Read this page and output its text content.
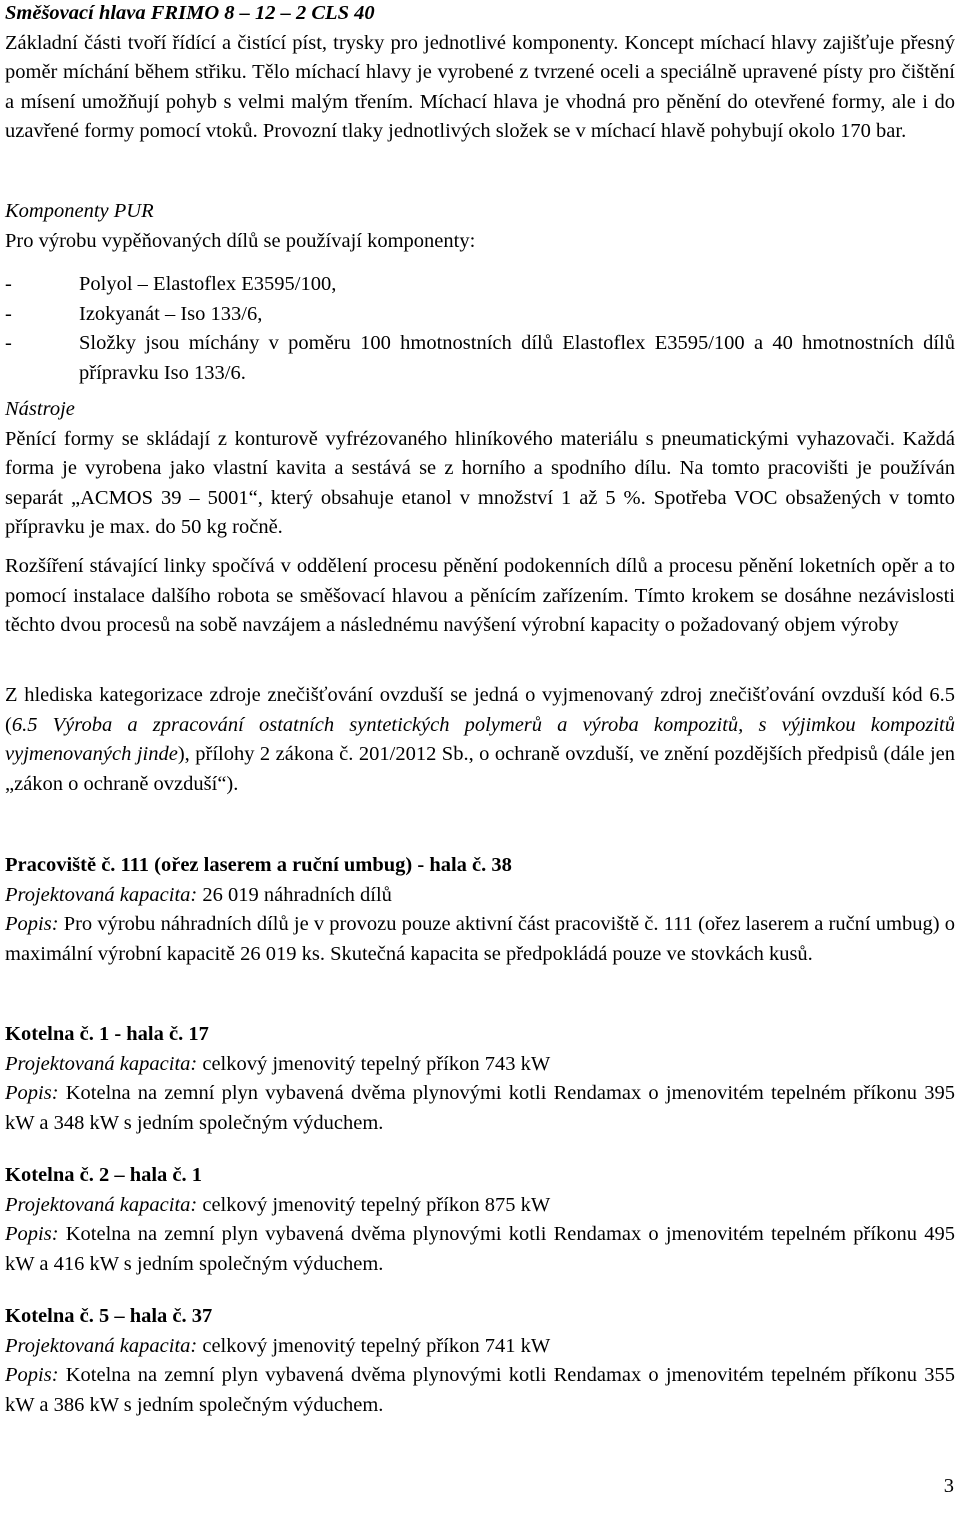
Směšovací hlava FRIMO 8 – 12 – 2 CLS 40

Základní části tvoří řídící a čistící píst, trysky pro jednotlivé komponenty. Koncept míchací hlavy zajišťuje přesný poměr míchání během střiku. Tělo míchací hlavy je vyrobené z tvrzené oceli a speciálně upravené písty pro čištění a mísení umožňují pohyb s velmi malým třením. Míchací hlava je vhodná pro pěnění do otevřené formy, ale i do uzavřené formy pomocí vtoků. Provozní tlaky jednotlivých složek se v míchací hlavě pohybují okolo 170 bar.

Komponenty PUR

Pro výrobu vypěňovaných dílů se používají komponenty:

-	Polyol – Elastoflex E3595/100,
-	Izokyanát – Iso 133/6,
-	Složky jsou míchány v poměru 100 hmotnostních dílů Elastoflex E3595/100 a 40 hmotnostních dílů přípravku Iso 133/6.

Nástroje

Pěnící formy se skládají z konturově vyfrézovaného hliníkového materiálu s pneumatickými vyhazovači. Každá forma je vyrobena jako vlastní kavita a sestává se z horního a spodního dílu. Na tomto pracovišti je používán separát „ACMOS 39 – 5001“, který obsahuje etanol v množství 1 až 5 %. Spotřeba VOC obsažených v tomto přípravku je max. do 50 kg ročně.

Rozšíření stávající linky spočívá v oddělení procesu pěnění podokenních dílů a procesu pěnění loketních opěr a to pomocí instalace dalšího robota se směšovací hlavou a pěnícím zařízením. Tímto krokem se dosáhne nezávislosti těchto dvou procesů na sobě navzájem a následnému navýšení výrobní kapacity o požadovaný objem výroby

Z hlediska kategorizace zdroje znečišťování ovzduší se jedná o vyjmenovaný zdroj znečišťování ovzduší kód 6.5 (6.5 Výroba a zpracování ostatních syntetických polymerů a výroba kompozitů, s výjimkou kompozitů vyjmenovaných jinde), přílohy 2 zákona č. 201/2012 Sb., o ochraně ovzduší, ve znění pozdějších předpisů (dále jen „zákon o ochraně ovzduší“).

Pracoviště č. 111 (ořez laserem a ruční umbug) - hala č. 38

Projektovaná kapacita: 26 019 náhradních dílů

Popis: Pro výrobu náhradních dílů je v provozu pouze aktivní část pracoviště č. 111 (ořez laserem a ruční umbug) o maximální výrobní kapacitě 26 019 ks. Skutečná kapacita se předpokládá pouze ve stovkách kusů.

Kotelna č. 1 - hala č. 17

Projektovaná kapacita: celkový jmenovitý tepelný příkon 743 kW

Popis: Kotelna na zemní plyn vybavená dvěma plynovými kotli Rendamax o jmenovitém tepelném příkonu 395 kW a 348 kW s jedním společným výduchem.

Kotelna č. 2 – hala č. 1

Projektovaná kapacita: celkový jmenovitý tepelný příkon 875 kW

Popis: Kotelna na zemní plyn vybavená dvěma plynovými kotli Rendamax o jmenovitém tepelném příkonu 495 kW a 416 kW s jedním společným výduchem.

Kotelna č. 5 – hala č. 37

Projektovaná kapacita: celkový jmenovitý tepelný příkon 741 kW

Popis: Kotelna na zemní plyn vybavená dvěma plynovými kotli Rendamax o jmenovitém tepelném příkonu 355 kW a 386 kW s jedním společným výduchem.

3
